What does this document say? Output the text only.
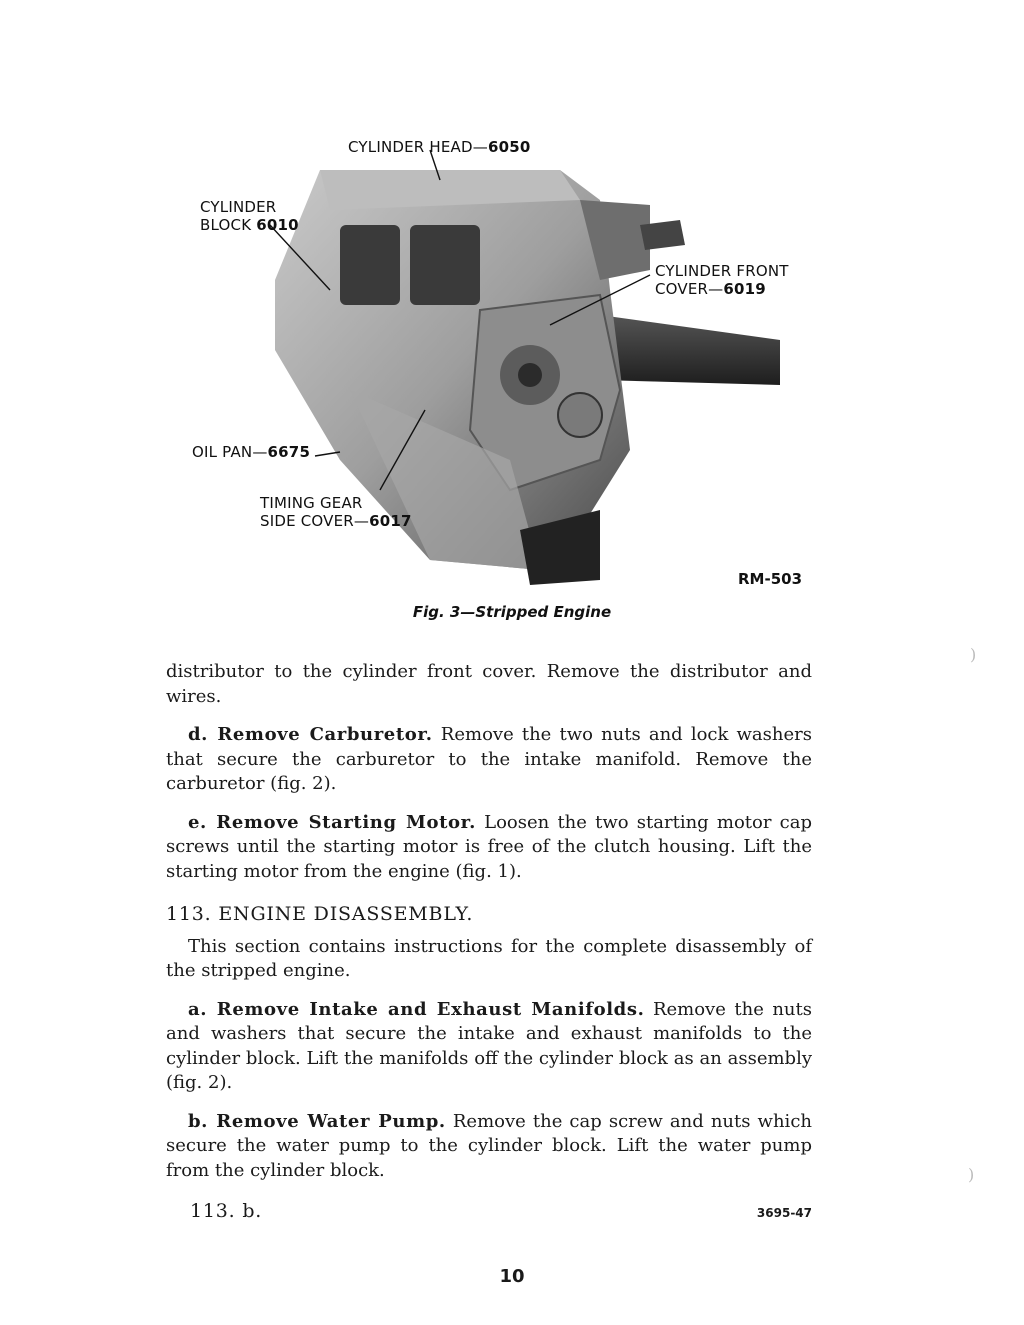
CYLINDER HEAD—6050
CYLINDER
BLOCK 6010
CYLINDER FRONT
COVER—6019
OIL PAN—6675
TIMING GEAR
SIDE COVER—6017
RM-503
Fig. 3—Stripped Engine

distributor to the cylinder front cover. Remove the distributor and wires.

d. Remove Carburetor. Remove the two nuts and lock washers that secure the carburetor to the intake manifold. Remove the carburetor (fig. 2).

e. Remove Starting Motor. Loosen the two starting motor cap screws until the starting motor is free of the clutch housing. Lift the starting motor from the engine (fig. 1).

113. ENGINE DISASSEMBLY.

This section contains instructions for the complete disassembly of the stripped engine.

a. Remove Intake and Exhaust Manifolds. Remove the nuts and washers that secure the intake and exhaust manifolds to the cylinder block. Lift the manifolds off the cylinder block as an assembly (fig. 2).

b. Remove Water Pump. Remove the cap screw and nuts which secure the water pump to the cylinder block. Lift the water pump from the cylinder block.

113. b.	3695-47
10
)
)
